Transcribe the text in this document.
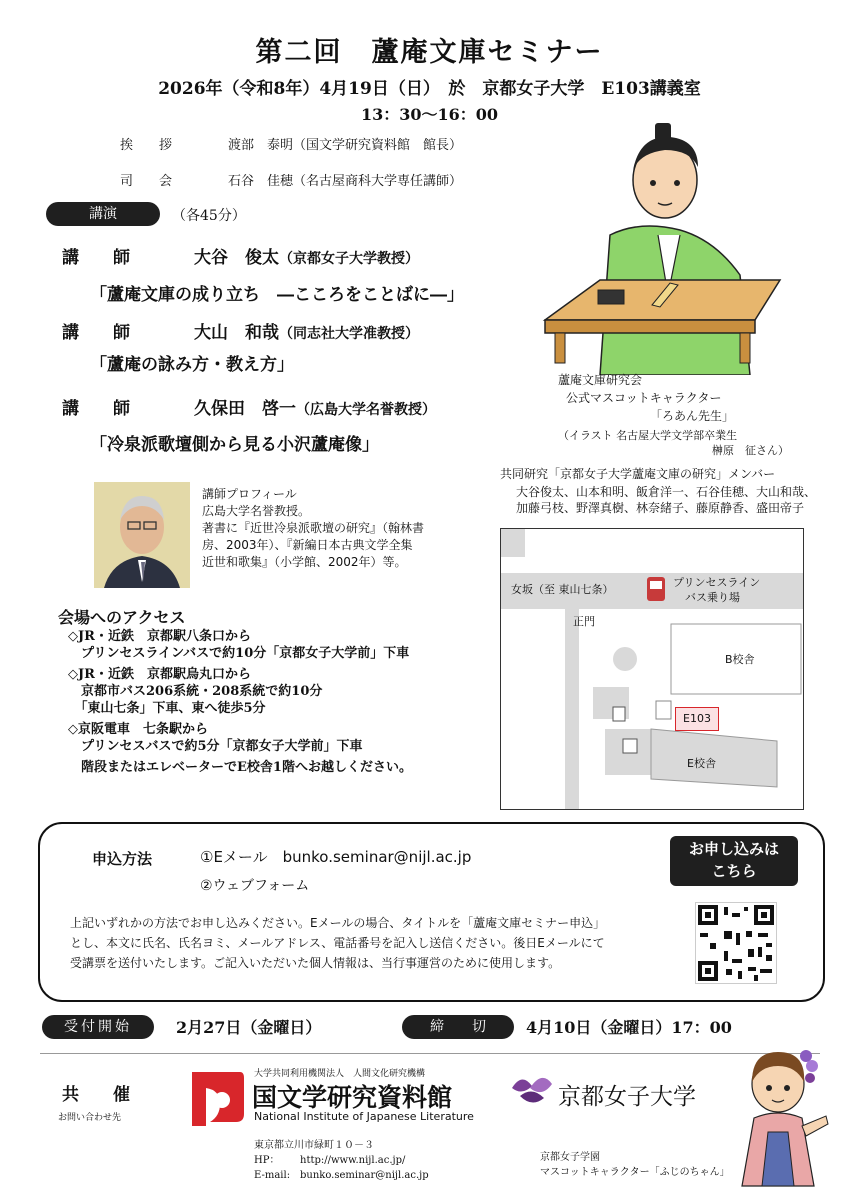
第二回　蘆庵文庫セミナー
2026年（令和8年）4月19日（日）　於　京都女子大学　E103講義室
13：30〜16：00
挨　　拶	渡部　泰明（国文学研究資料館　館長）
司　　会	石谷　佳穂（名古屋商科大学専任講師）
講演	（各45分）
講　　師	大谷　俊太（京都女子大学教授）
「蘆庵文庫の成り立ち　―こころをことばに―」
講　　師	大山　和哉（同志社大学准教授）
「蘆庵の詠み方・教え方」
講　　師	久保田　啓一（広島大学名誉教授）
「冷泉派歌壇側から見る小沢蘆庵像」
蘆庵文庫研究会
公式マスコットキャラクター
「ろあん先生」
（イラスト 名古屋大学文学部卒業生
榊原　征さん）
共同研究「京都女子大学蘆庵文庫の研究」メンバー
大谷俊太、山本和明、飯倉洋一、石谷佳穂、大山和哉、
加藤弓枝、野澤真樹、林奈緒子、藤原静香、盛田帝子
講師プロフィール
広島大学名誉教授。
著書に『近世冷泉派歌壇の研究』（翰林書
房、2003年）、『新編日本古典文学全集
近世和歌集』（小学館、2002年）等。
会場へのアクセス
◇JR・近鉄　京都駅八条口から
　プリンセスラインバスで約10分「京都女子大学前」下車
◇JR・近鉄　京都駅烏丸口から
　京都市バス206系統・208系統で約10分
　「東山七条」下車、東へ徒歩5分
◇京阪電車　七条駅から
　プリンセスバスで約5分「京都女子大学前」下車
　階段またはエレベーターでE校舎1階へお越しください。
女坂（至 東山七条）
プリンセスライン
バス乗り場
正門
B校舎
E校舎
E103
申込方法	①Eメール　bunko.seminar@nijl.ac.jp
②ウェブフォーム
上記いずれかの方法でお申し込みください。Eメールの場合、タイトルを「蘆庵文庫セミナー申込」
とし、本文に氏名、氏名ヨミ、メールアドレス、電話番号を記入し送信ください。後日Eメールにて
受講票を送付いたします。ご記入いただいた個人情報は、当行事運営のために使用します。
お申し込みは
こちら
受付開始	2月27日（金曜日）	締　　切	4月10日（金曜日）17：00
共　　催
お問い合わせ先
大学共同利用機関法人　人間文化研究機構
国文学研究資料館
National Institute of Japanese Literature
東京都立川市緑町１０－３
HP： http://www.nijl.ac.jp/
E-mail: bunko.seminar@nijl.ac.jp
京都女子大学
京都女子学園
マスコットキャラクター「ふじのちゃん」
